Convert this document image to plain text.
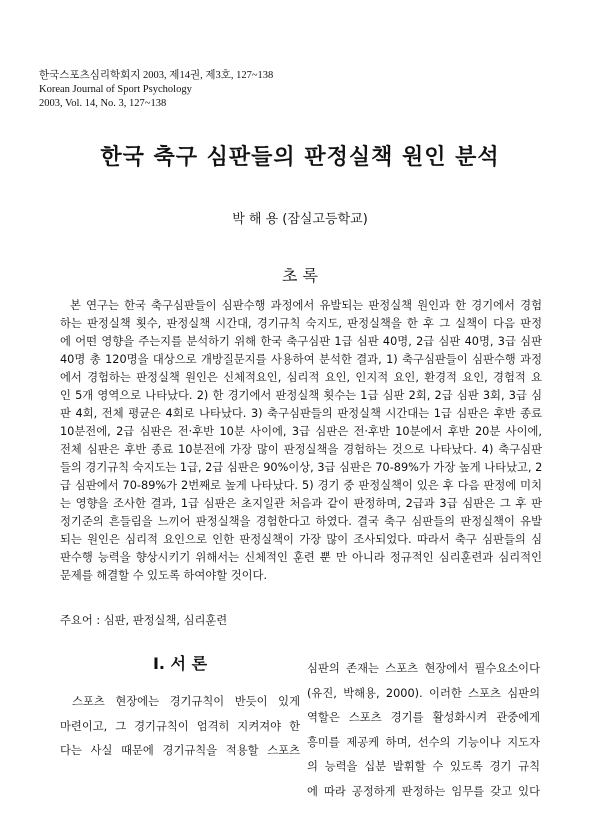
한국스포츠심리학회지 2003, 제14권, 제3호, 127~138
Korean Journal of Sport Psychology
2003, Vol. 14, No. 3, 127~138
한국 축구 심판들의 판정실책 원인 분석
박 해 용 (잠실고등학교)
초 록
본 연구는 한국 축구심판들이 심판수행 과정에서 유발되는 판정실책 원인과 한 경기에서 경험
하는 판정실책 횟수, 판정실책 시간대, 경기규칙 숙지도, 판정실책을 한 후 그 실책이 다음 판정
에 어떤 영향을 주는지를 분석하기 위해 한국 축구심판 1급 심판 40명, 2급 심판 40명, 3급 심판
40명 총 120명을 대상으로 개방질문지를 사용하여 분석한 결과, 1) 축구심판들이 심판수행 과정
에서 경험하는 판정실책 원인은 신체적요인, 심리적 요인, 인지적 요인, 환경적 요인, 경험적 요
인 5개 영역으로 나타났다. 2) 한 경기에서 판정실책 횟수는 1급 심판 2회, 2급 심판 3회, 3급 심
판 4회, 전체 평균은 4회로 나타났다. 3) 축구심판들의 판정실책 시간대는 1급 심판은 후반 종료
10분전에, 2급 심판은 전·후반 10분 사이에, 3급 심판은 전·후반 10분에서 후반 20분 사이에,
전체 심판은 후반 종료 10분전에 가장 많이 판정실책을 경험하는 것으로 나타났다. 4) 축구심판
들의 경기규칙 숙지도는 1급, 2급 심판은 90%이상, 3급 심판은 70-89%가 가장 높게 나타났고, 2
급 심판에서 70-89%가 2번째로 높게 나타났다. 5) 경기 중 판정실책이 있은 후 다음 판정에 미치
는 영향을 조사한 결과, 1급 심판은 초지일관 처음과 같이 판정하며, 2급과 3급 심판은 그 후 판
정기준의 흔들림을 느끼어 판정실책을 경험한다고 하였다. 결국 축구 심판들의 판정실책이 유발
되는 원인은 심리적 요인으로 인한 판정실책이 가장 많이 조사되었다. 따라서 축구 심판들의 심
판수행 능력을 향상시키기 위해서는 신체적인 훈련 뿐 만 아니라 정규적인 심리훈련과 심리적인
문제를 해결할 수 있도록 하여야할 것이다.
주요어 : 심판, 판정실책, 심리훈련
I. 서 론
스포츠 현장에는 경기규칙이 반듯이 있게
마련이고, 그 경기규칙이 엄격히 지켜져야 한
다는 사실 때문에 경기규칙을 적용할 스포츠
심판의 존재는 스포츠 현장에서 필수요소이다
(유진, 박해용, 2000). 이러한 스포츠 심판의
역할은 스포츠 경기를 활성화시켜 관중에게
흥미를 제공케 하며, 선수의 기능이나 지도자
의 능력을 십분 발휘할 수 있도록 경기 규칙
에 따라 공정하게 판정하는 임무를 갖고 있다
